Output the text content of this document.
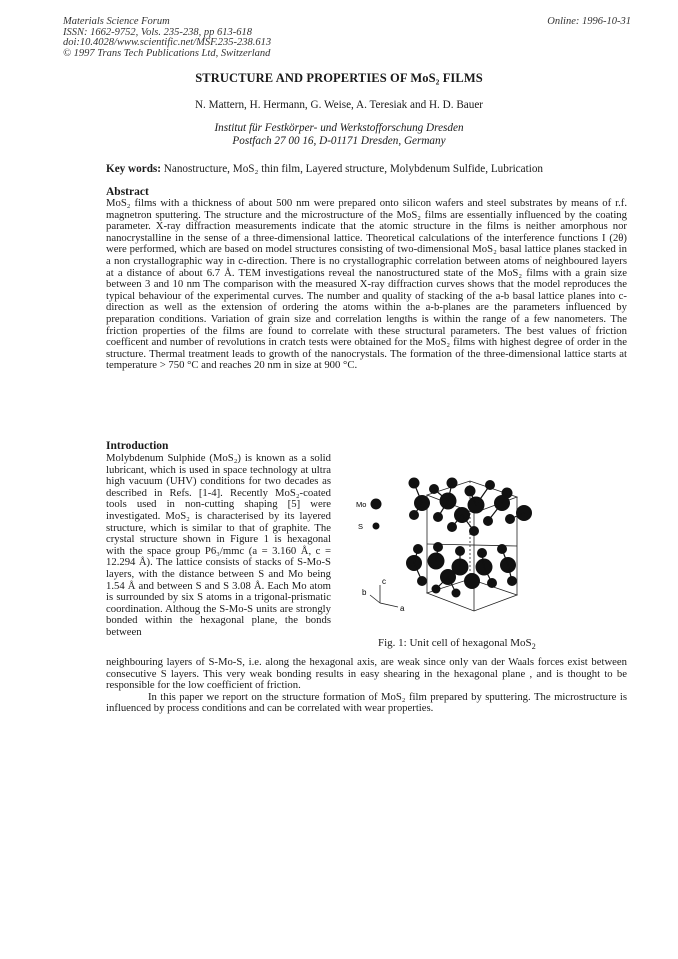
Materials Science Forum
ISSN: 1662-9752, Vols. 235-238, pp 613-618
doi:10.4028/www.scientific.net/MSF.235-238.613
© 1997 Trans Tech Publications Ltd, Switzerland
Online: 1996-10-31
STRUCTURE AND PROPERTIES OF MoS₂ FILMS
N. Mattern, H. Hermann, G. Weise, A. Teresiak and H. D. Bauer
Institut für Festkörper- und Werkstofforschung Dresden
Postfach 27 00 16, D-01171 Dresden, Germany
Key words: Nanostructure, MoS₂ thin film, Layered structure, Molybdenum Sulfide, Lubrication
Abstract
MoS₂ films with a thickness of about 500 nm were prepared onto silicon wafers and steel substrates by means of r.f. magnetron sputtering. The structure and the microstructure of the MoS₂ films are essentially influenced by the coating parameter. X-ray diffraction measurements indicate that the atomic structure in the films is neither amorphous nor nanocrystalline in the sense of a three-dimensional lattice. Theoretical calculations of the interference functions I (2θ) were performed, which are based on model structures consisting of two-dimensional MoS₂ basal lattice planes stacked in a non crystallographic way in c-direction. There is no crystallographic correlation between atoms of neighboured layers at a distance of about 6.7 Å. TEM investigations reveal the nanostructured state of the MoS₂ films with a grain size between 3 and 10 nm The comparison with the measured X-ray diffraction curves shows that the model reproduces the typical behaviour of the experimental curves. The number and quality of stacking of the a-b basal lattice planes into c-direction as well as the extension of ordering the atoms within the a-b-planes are the parameters influenced by preparation conditions. Variation of grain size and correlation lengths is within the range of a few nanometers. The friction properties of the films are found to correlate with these structural parameters. The best values of friction coefficent and number of revolutions in cratch tests were obtained for the MoS₂ films with highest degree of order in the structure. Thermal treatment leads to growth of the nanocrystals. The formation of the three-dimensional lattice starts at temperature > 750 °C and reaches 20 nm in size at 900 °C.
Introduction
Molybdenum Sulphide (MoS₂) is known as a solid lubricant, which is used in space technology at ultra high vacuum (UHV) conditions for two decades as described in Refs. [1-4]. Recently MoS₂-coated tools used in non-cutting shaping [5] were investigated. MoS₂ is characterised by its layered structure, which is similar to that of graphite. The crystal structure shown in Figure 1 is hexagonal with the space group P6₃/mmc (a = 3.160 Å, c = 12.294 Å). The lattice consists of stacks of S-Mo-S layers, with the distance between S and Mo being 1.54 Å and between S and S 3.08 Å. Each Mo atom is surrounded by six S atoms in a trigonal-prismatic coordination. Althoug the S-Mo-S units are strongly bonded within the hexagonal plane, the bonds between
Mo
S
c
b
a
Fig. 1: Unit cell of hexagonal MoS$_2$
neighbouring layers of S-Mo-S, i.e. along the hexagonal axis, are weak since only van der Waals forces exist between consecutive S layers. This very weak bonding results in easy shearing in the hexagonal plane , and is thought to be responsible for the low coefficient of friction.
In this paper we report on the structure formation of MoS₂ film prepared by sputtering. The microstructure is influenced by process conditions and can be correlated with wear properties.
